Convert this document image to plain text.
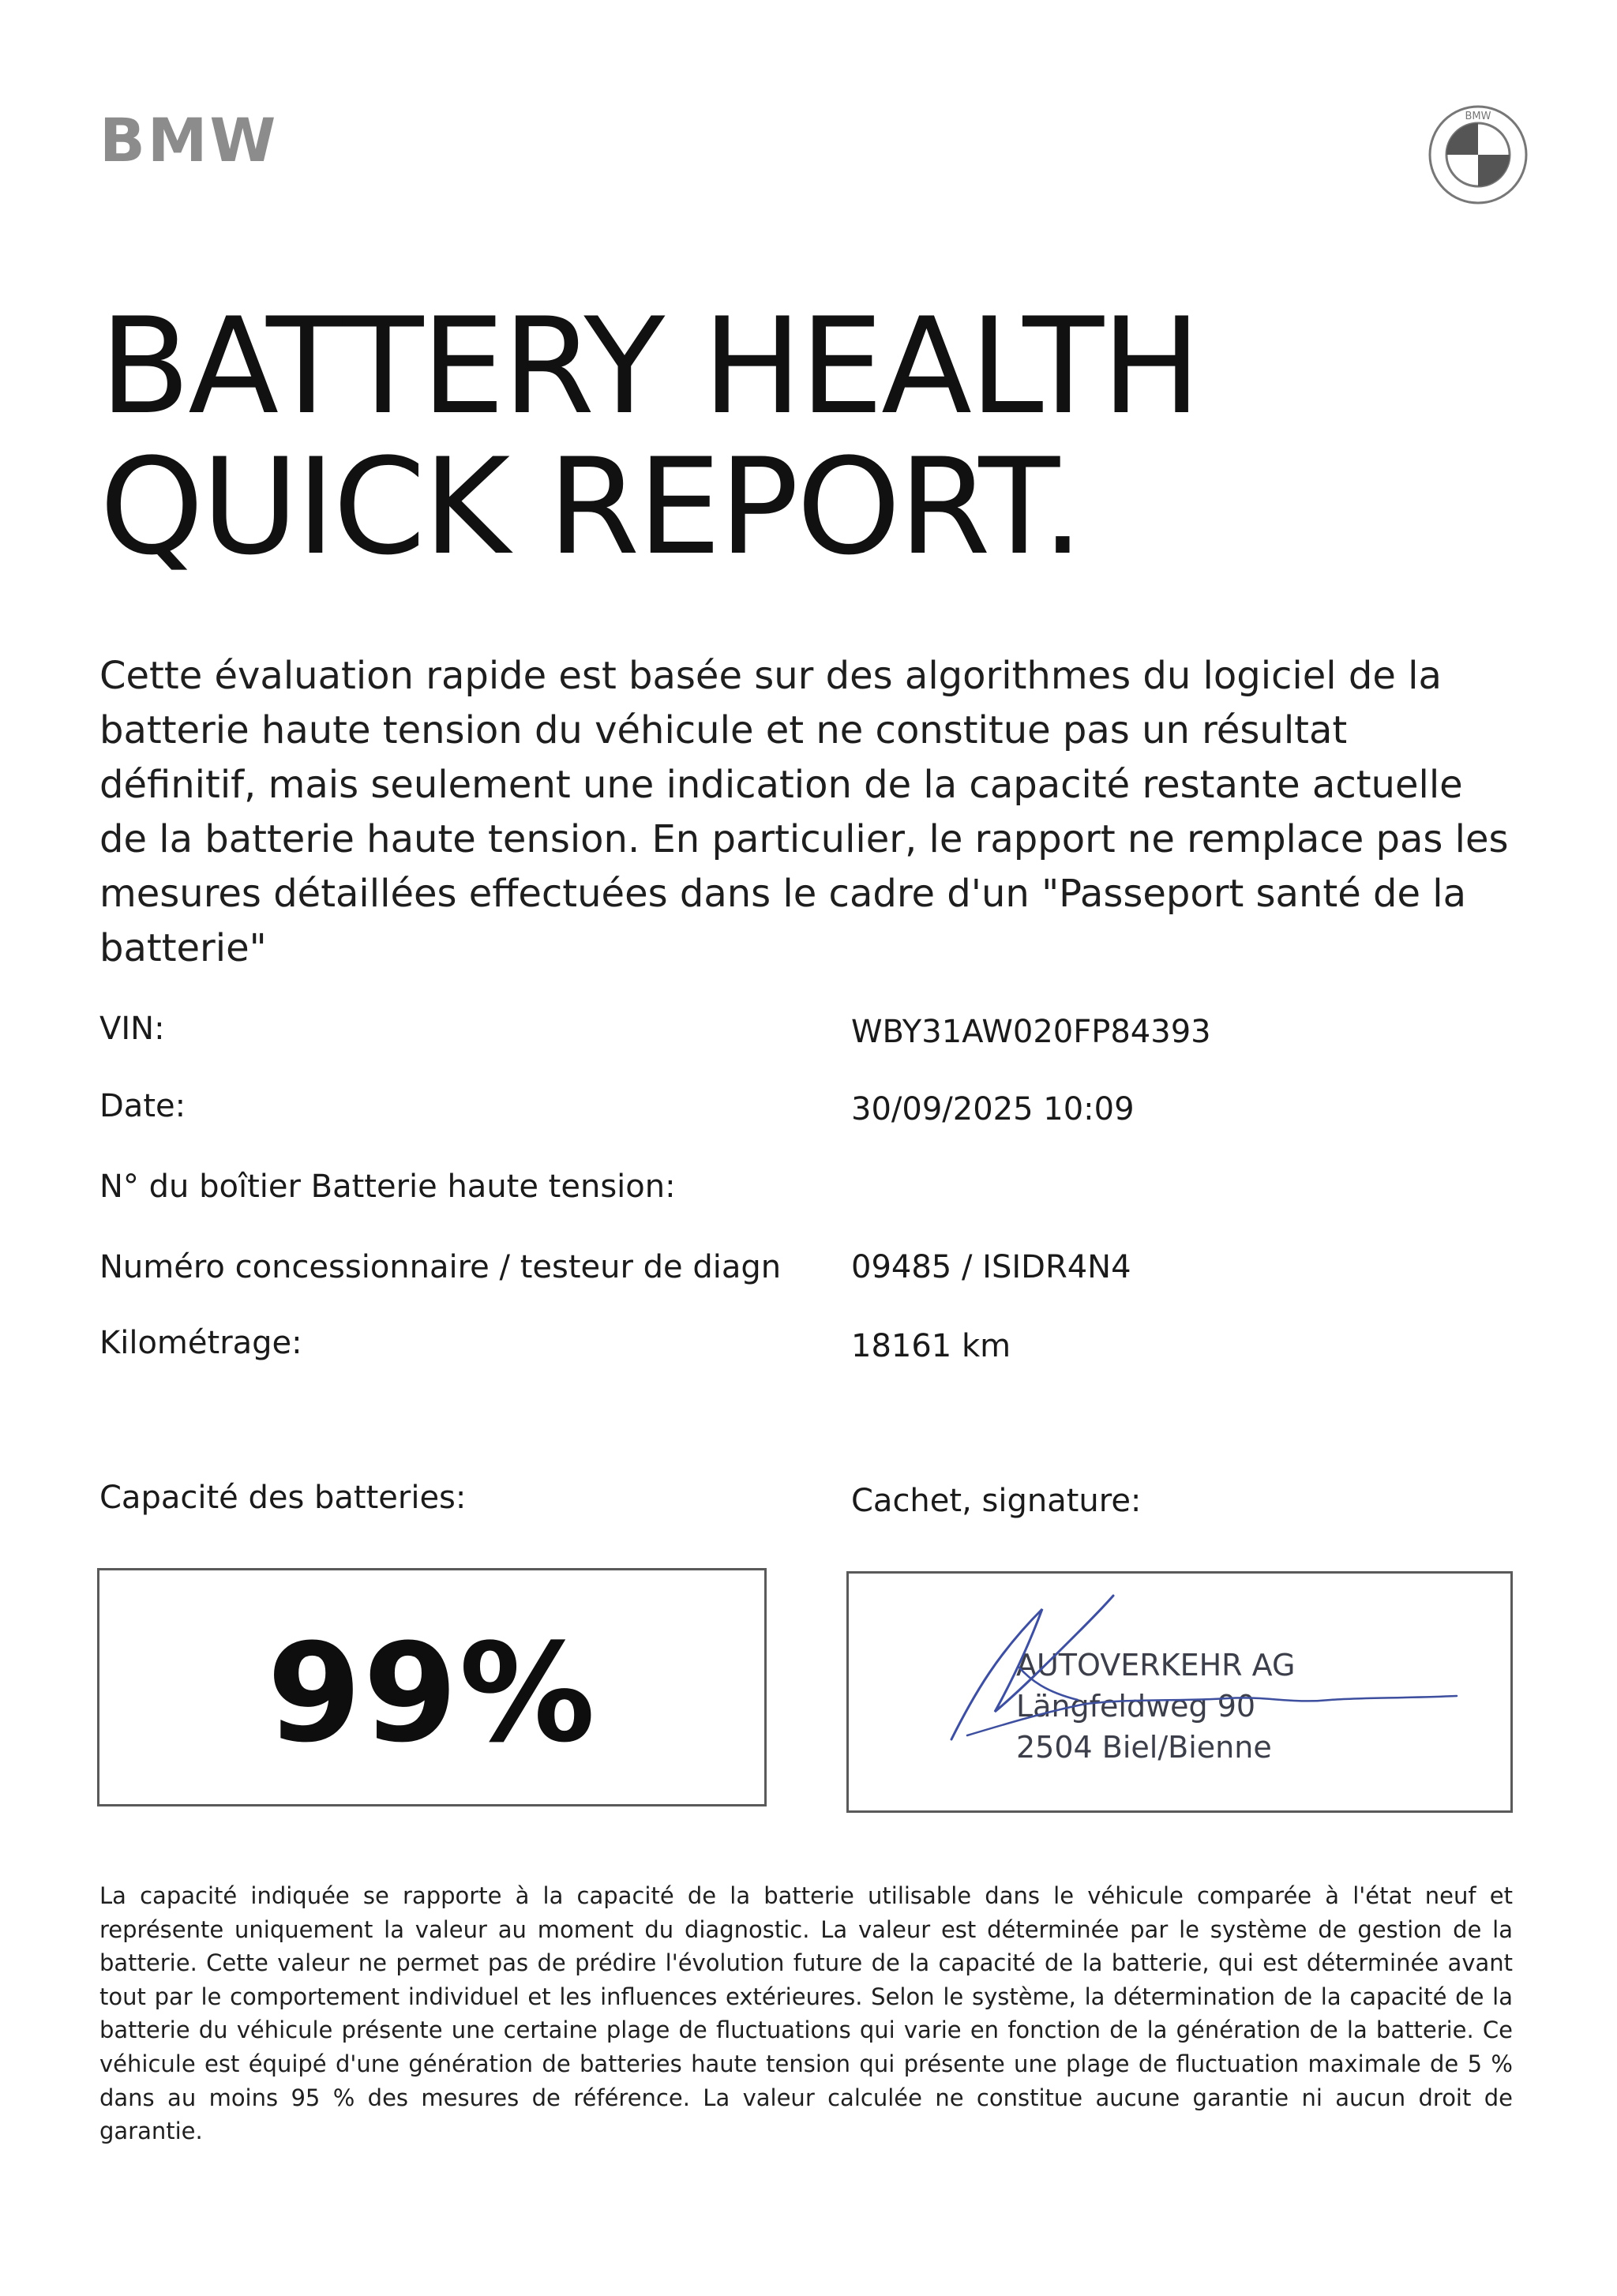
BMW	BMW
BATTERY HEALTH
QUICK REPORT.
Cette évaluation rapide est basée sur des algorithmes du logiciel de la batterie haute tension du véhicule et ne constitue pas un résultat définitif, mais seulement une indication de la capacité restante actuelle de la batterie haute tension. En particulier, le rapport ne remplace pas les mesures détaillées effectuées dans le cadre d'un "Passeport santé de la batterie"
VIN:	WBY31AW020FP84393
Date:	30/09/2025 10:09
N° du boîtier Batterie haute tension:
Numéro concessionnaire / testeur de diagn 09485 / ISIDR4N4
Kilométrage:	18161 km
Capacité des batteries:	Cachet, signature:
99%	AUTOVERKEHR AG
Längfeldweg 90
2504 Biel/Bienne
La capacité indiquée se rapporte à la capacité de la batterie utilisable dans le véhicule comparée à l'état neuf et représente uniquement la valeur au moment du diagnostic. La valeur est déterminée par le système de gestion de la batterie. Cette valeur ne permet pas de prédire l'évolution future de la capacité de la batterie, qui est déterminée avant tout par le comportement individuel et les influences extérieures. Selon le système, la détermination de la capacité de la batterie du véhicule présente une certaine plage de fluctuations qui varie en fonction de la génération de la batterie. Ce véhicule est équipé d'une génération de batteries haute tension qui présente une plage de fluctuation maximale de 5 % dans au moins 95 % des mesures de référence. La valeur calculée ne constitue aucune garantie ni aucun droit de garantie.
